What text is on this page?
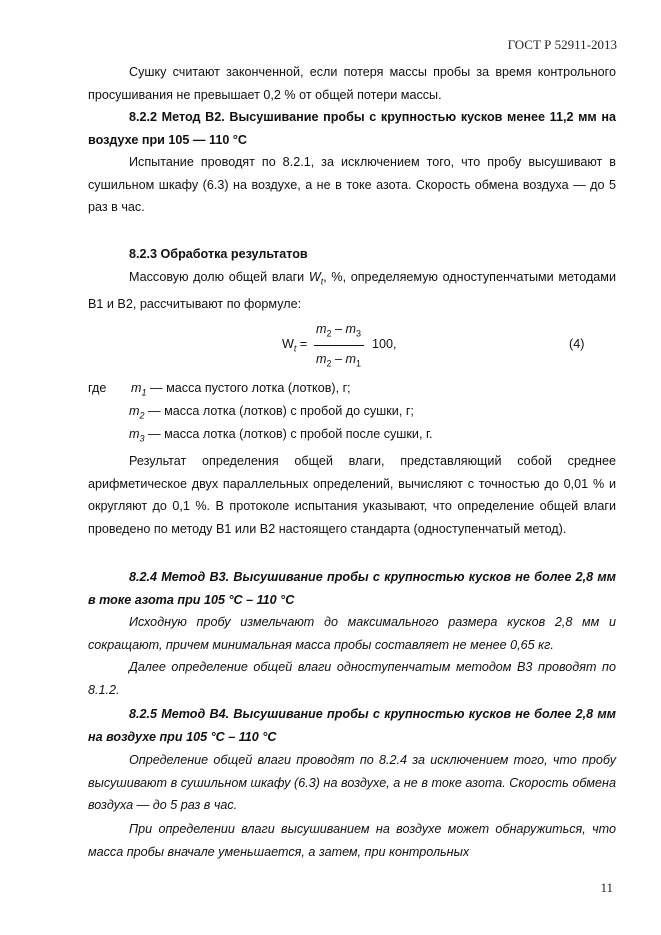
ГОСТ Р 52911-2013

Сушку считают законченной, если потеря массы пробы за время контрольного просушивания не превышает 0,2 % от общей потери массы.

8.2.2 Метод В2. Высушивание пробы с крупностью кусков менее 11,2 мм на воздухе при 105 — 110 °С

Испытание проводят по 8.2.1, за исключением того, что пробу высушивают в сушильном шкафу (6.3) на воздухе, а не в токе азота. Скорость обмена воздуха — до 5 раз в час.

8.2.3 Обработка результатов

Массовую долю общей влаги $W_t$, %, определяемую одноступенчатыми методами В1 и В2, рассчитывают по формуле:

$W_t$ =
$m_2 - m_3$
$m_2 - m_1$
100,	(4)
где $m_1$ — масса пустого лотка (лотков), г;
$m_2$ — масса лотка (лотков) с пробой до сушки, г;
$m_3$ — масса лотка (лотков) с пробой после сушки, г.

Результат определения общей влаги, представляющий собой среднее арифметическое двух параллельных определений, вычисляют с точностью до 0,01 % и округляют до 0,1 %. В протоколе испытания указывают, что определение общей влаги проведено по методу В1 или В2 настоящего стандарта (одноступенчатый метод).

8.2.4 Метод В3. Высушивание пробы с крупностью кусков не более 2,8 мм в токе азота при 105 °С – 110 °С

Исходную пробу измельчают до максимального размера кусков 2,8 мм и сокращают, причем минимальная масса пробы составляет не менее 0,65 кг.

Далее определение общей влаги одноступенчатым методом В3 проводят по 8.1.2.

8.2.5 Метод В4. Высушивание пробы с крупностью кусков не более 2,8 мм на воздухе при 105 °С – 110 °С

Определение общей влаги проводят по 8.2.4 за исключением того, что пробу высушивают в сушильном шкафу (6.3) на воздухе, а не в токе азота. Скорость обмена воздуха — до 5 раз в час.

При определении влаги высушиванием на воздухе может обнаружиться, что масса пробы вначале уменьшается, а затем, при контрольных

11
